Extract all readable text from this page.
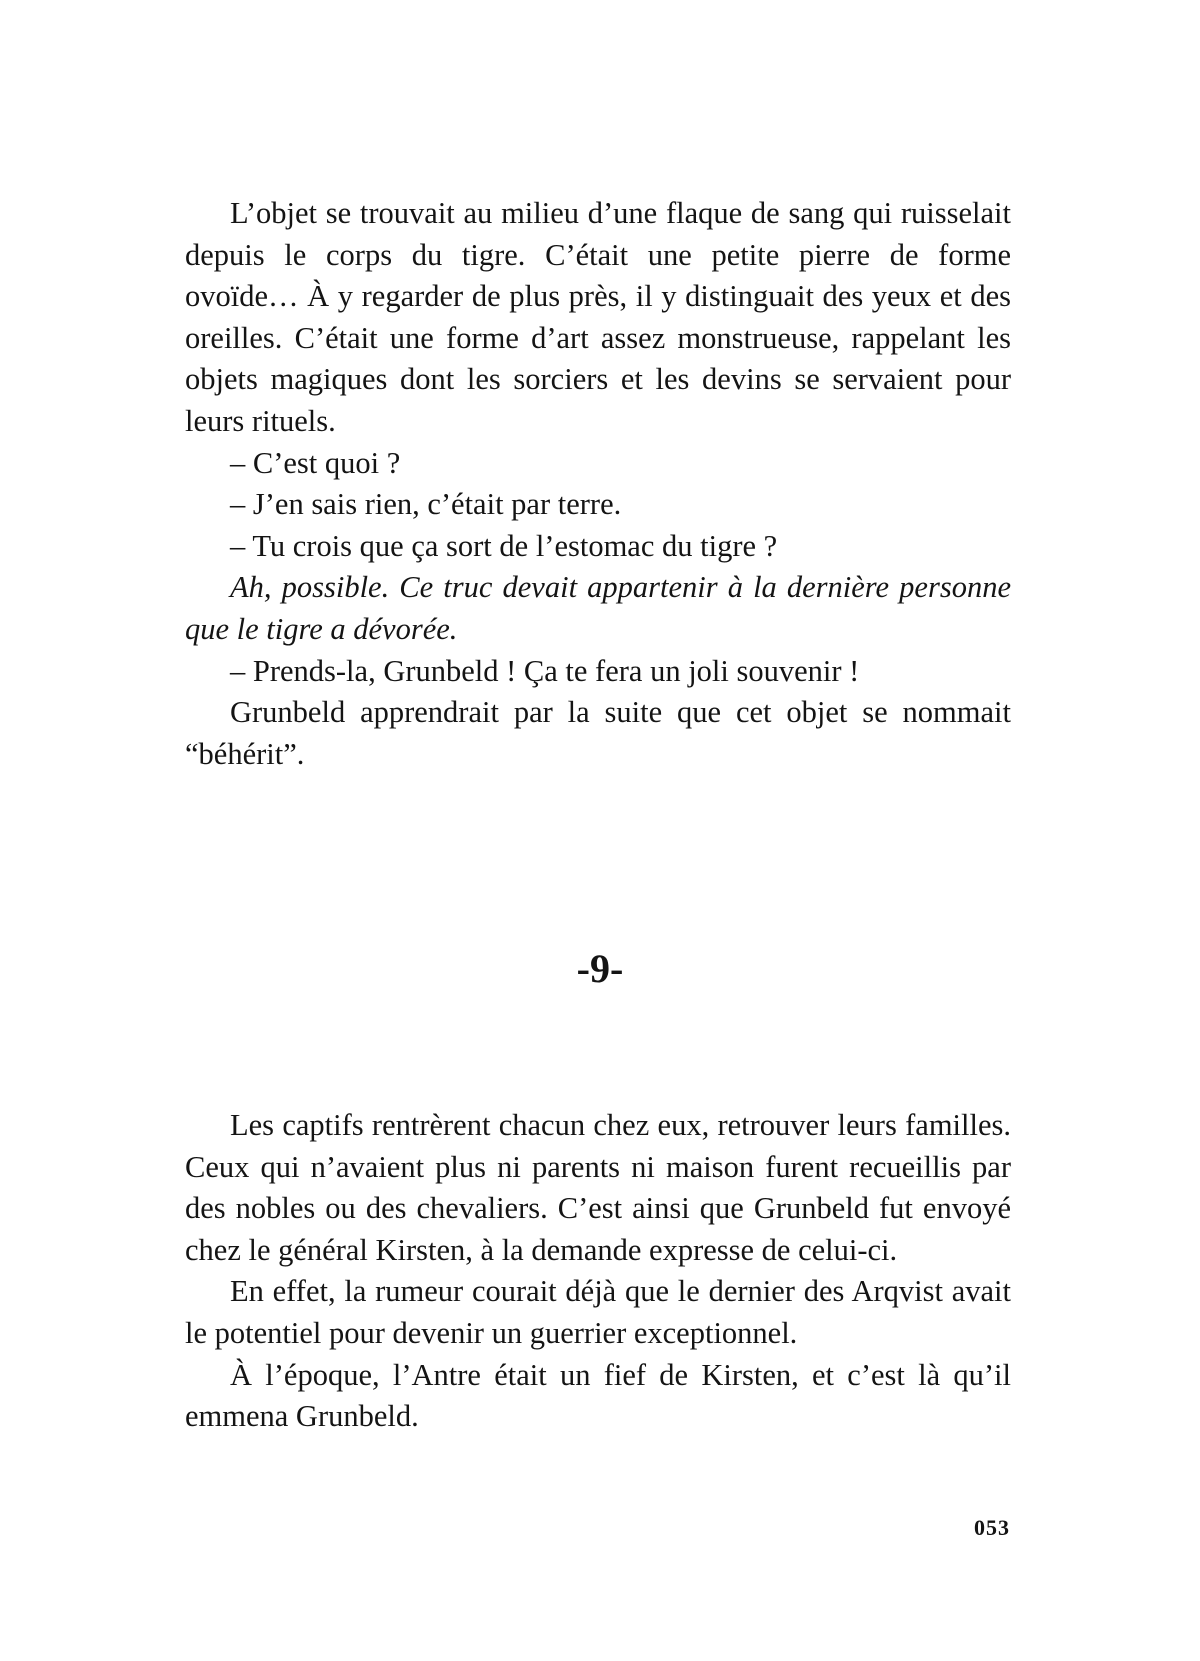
L’objet se trouvait au milieu d’une flaque de sang qui ruisselait depuis le corps du tigre. C’était une petite pierre de forme ovoïde… À y regarder de plus près, il y distinguait des yeux et des oreilles. C’était une forme d’art assez monstrueuse, rappelant les objets magiques dont les sorciers et les devins se servaient pour leurs rituels.

– C’est quoi ?

– J’en sais rien, c’était par terre.

– Tu crois que ça sort de l’estomac du tigre ?

Ah, possible. Ce truc devait appartenir à la dernière personne que le tigre a dévorée.

– Prends-la, Grunbeld ! Ça te fera un joli souvenir !

Grunbeld apprendrait par la suite que cet objet se nommait “béhérit”.

-9-

Les captifs rentrèrent chacun chez eux, retrouver leurs familles. Ceux qui n’avaient plus ni parents ni maison furent recueillis par des nobles ou des chevaliers. C’est ainsi que Grunbeld fut envoyé chez le général Kirsten, à la demande expresse de celui-ci.

En effet, la rumeur courait déjà que le dernier des Arqvist avait le potentiel pour devenir un guerrier exceptionnel.

À l’époque, l’Antre était un fief de Kirsten, et c’est là qu’il emmena Grunbeld.

053
